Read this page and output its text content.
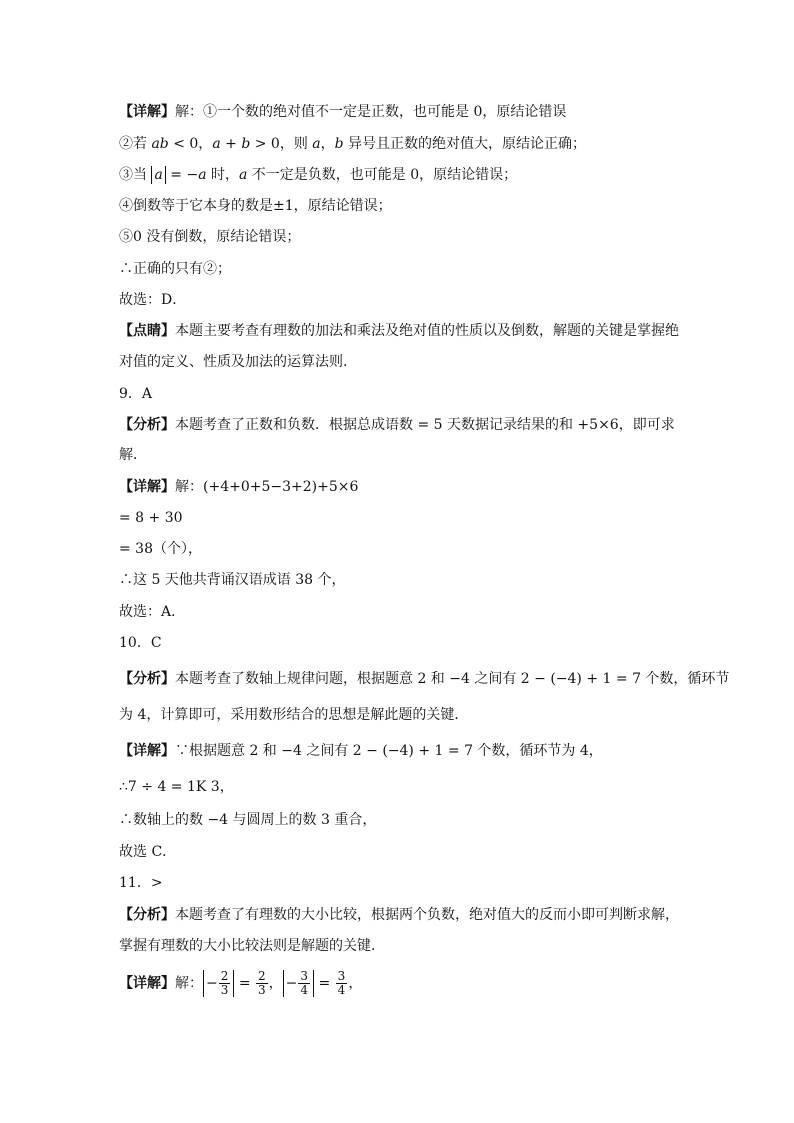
【详解】解：①一个数的绝对值不一定是正数，也可能是 0，原结论错误
②若 ab < 0，a + b > 0，则 a，b 异号且正数的绝对值大，原结论正确；
③当 a = −a 时，a 不一定是负数，也可能是 0，原结论错误；
④倒数等于它本身的数是±1，原结论错误；
⑤0 没有倒数，原结论错误；
∴正确的只有②；
故选：D．
【点睛】本题主要考查有理数的加法和乘法及绝对值的性质以及倒数，解题的关键是掌握绝
对值的定义、性质及加法的运算法则．
9．A
【分析】本题考查了正数和负数．根据总成语数 = 5 天数据记录结果的和 +5×6，即可求
解．
【详解】解：(+4+0+5−3+2)+5×6
= 8 + 30
= 38（个），
∴这 5 天他共背诵汉语成语 38 个，
故选：A．
10．C
【分析】本题考查了数轴上规律问题，根据题意 2 和 −4 之间有 2 − (−4) + 1 = 7 个数，循环节
为 4，计算即可，采用数形结合的思想是解此题的关键．
【详解】∵根据题意 2 和 −4 之间有 2 − (−4) + 1 = 7 个数，循环节为 4，
∴7 ÷ 4 = 1K 3，
∴数轴上的数 −4 与圆周上的数 3 重合，
故选 C．
11．>
【分析】本题考查了有理数的大小比较，根据两个负数，绝对值大的反而小即可判断求解，
掌握有理数的大小比较法则是解题的关键．
【详解】解： − $\frac{2}{3} = \frac{2}{3}$ ， − $\frac{3}{4} = \frac{3}{4}$ ，
